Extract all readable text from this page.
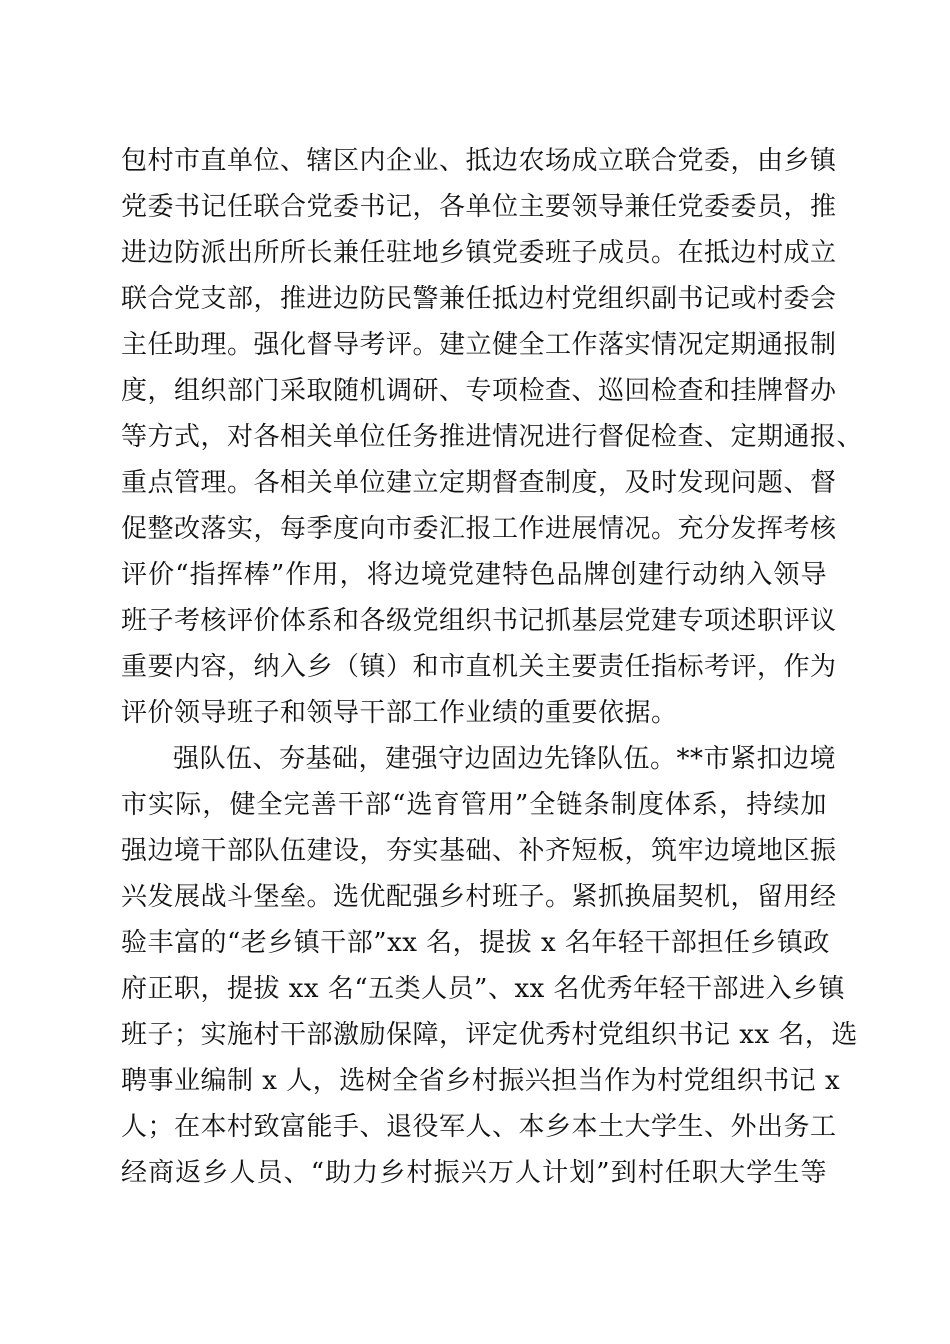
包村市直单位、辖区内企业、抵边农场成立联合党委，由乡镇
党委书记任联合党委书记，各单位主要领导兼任党委委员，推
进边防派出所所长兼任驻地乡镇党委班子成员。在抵边村成立
联合党支部，推进边防民警兼任抵边村党组织副书记或村委会
主任助理。强化督导考评。建立健全工作落实情况定期通报制
度，组织部门采取随机调研、专项检查、巡回检查和挂牌督办
等方式，对各相关单位任务推进情况进行督促检查、定期通报、
重点管理。各相关单位建立定期督查制度，及时发现问题、督
促整改落实，每季度向市委汇报工作进展情况。充分发挥考核
评价“指挥棒”作用，将边境党建特色品牌创建行动纳入领导
班子考核评价体系和各级党组织书记抓基层党建专项述职评议
重要内容，纳入乡（镇）和市直机关主要责任指标考评，作为
评价领导班子和领导干部工作业绩的重要依据。
强队伍、夯基础，建强守边固边先锋队伍。**市紧扣边境
市实际，健全完善干部“选育管用”全链条制度体系，持续加
强边境干部队伍建设，夯实基础、补齐短板，筑牢边境地区振
兴发展战斗堡垒。选优配强乡村班子。紧抓换届契机，留用经
验丰富的“老乡镇干部”xx 名，提拔 x 名年轻干部担任乡镇政
府正职，提拔 xx 名“五类人员”、xx 名优秀年轻干部进入乡镇
班子；实施村干部激励保障，评定优秀村党组织书记 xx 名，选
聘事业编制 x 人，选树全省乡村振兴担当作为村党组织书记 x
人；在本村致富能手、退役军人、本乡本土大学生、外出务工
经商返乡人员、“助力乡村振兴万人计划”到村任职大学生等
